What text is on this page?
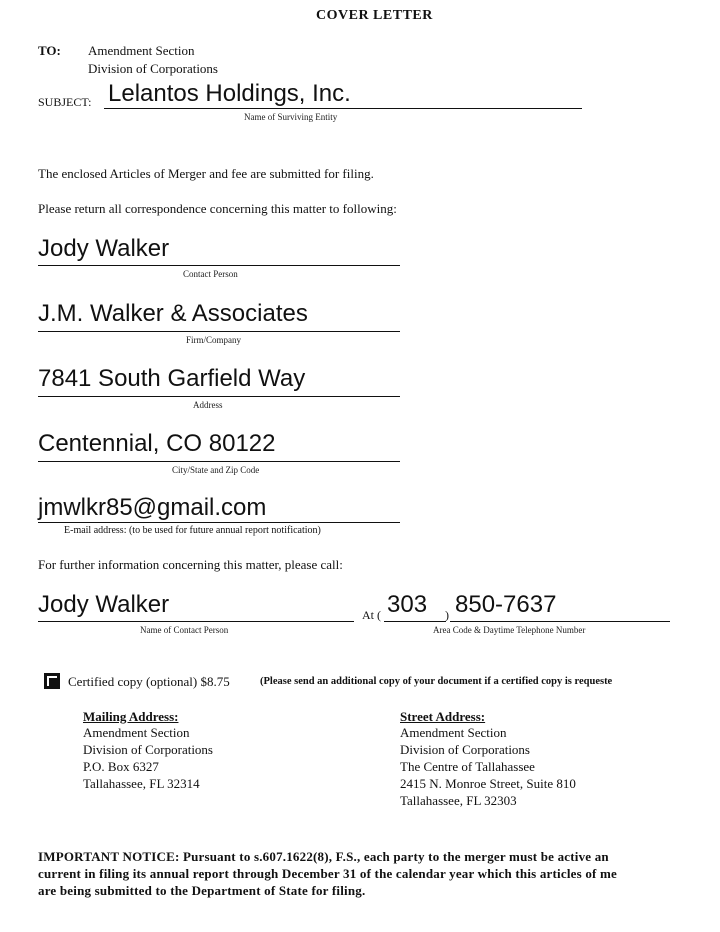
COVER LETTER
TO: Amendment Section
Division of Corporations
SUBJECT: Lelantos Holdings, Inc.
Name of Surviving Entity
The enclosed Articles of Merger and fee are submitted for filing.
Please return all correspondence concerning this matter to following:
Jody Walker
Contact Person
J.M. Walker & Associates
Firm/Company
7841 South Garfield Way
Address
Centennial, CO 80122
City/State and Zip Code
jmwlkr85@gmail.com
E-mail address: (to be used for future annual report notification)
For further information concerning this matter, please call:
Jody Walker
Name of Contact Person
At ( 303 ) 850-7637
Area Code & Daytime Telephone Number
Certified copy (optional) $8.75	(Please send an additional copy of your document if a certified copy is requeste
Mailing Address:
Amendment Section
Division of Corporations
P.O. Box 6327
Tallahassee, FL 32314
Street Address:
Amendment Section
Division of Corporations
The Centre of Tallahassee
2415 N. Monroe Street, Suite 810
Tallahassee, FL 32303
IMPORTANT NOTICE: Pursuant to s.607.1622(8), F.S., each party to the merger must be active an
current in filing its annual report through December 31 of the calendar year which this articles of me
are being submitted to the Department of State for filing.
